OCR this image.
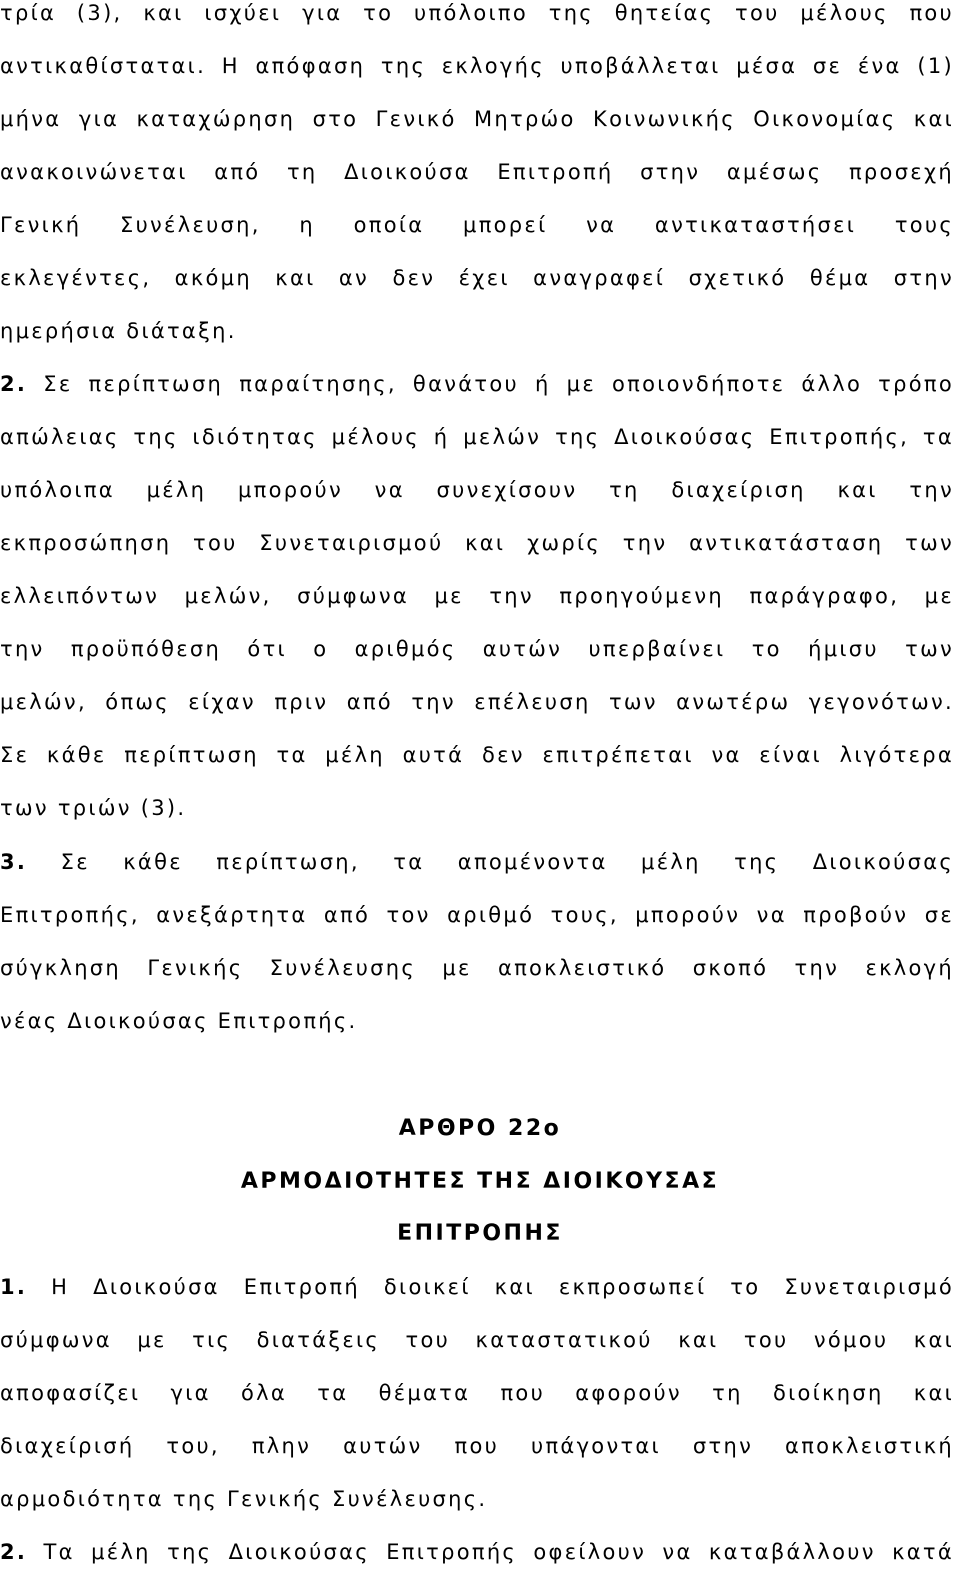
τρία (3), και ισχύει για το υπόλοιπο της θητείας του μέλους που
αντικαθίσταται. Η απόφαση της εκλογής υποβάλλεται μέσα σε ένα (1)
μήνα για καταχώρηση στο Γενικό Μητρώο Κοινωνικής Οικονομίας και
ανακοινώνεται από τη Διοικούσα Επιτροπή στην αμέσως προσεχή
Γενική Συνέλευση, η οποία μπορεί να αντικαταστήσει τους
εκλεγέντες, ακόμη και αν δεν έχει αναγραφεί σχετικό θέμα στην
ημερήσια διάταξη.
2. Σε περίπτωση παραίτησης, θανάτου ή με οποιονδήποτε άλλο τρόπο
απώλειας της ιδιότητας μέλους ή μελών της Διοικούσας Επιτροπής, τα
υπόλοιπα μέλη μπορούν να συνεχίσουν τη διαχείριση και την
εκπροσώπηση του Συνεταιρισμού και χωρίς την αντικατάσταση των
ελλειπόντων μελών, σύμφωνα με την προηγούμενη παράγραφο, με
την προϋπόθεση ότι ο αριθμός αυτών υπερβαίνει το ήμισυ των
μελών, όπως είχαν πριν από την επέλευση των ανωτέρω γεγονότων.
Σε κάθε περίπτωση τα μέλη αυτά δεν επιτρέπεται να είναι λιγότερα
των τριών (3).
3. Σε κάθε περίπτωση, τα απομένοντα μέλη της Διοικούσας
Επιτροπής, ανεξάρτητα από τον αριθμό τους, μπορούν να προβούν σε
σύγκληση Γενικής Συνέλευσης με αποκλειστικό σκοπό την εκλογή
νέας Διοικούσας Επιτροπής.
ΑΡΘΡΟ 22ο
ΑΡΜΟΔΙΟΤΗΤΕΣ ΤΗΣ ΔΙΟΙΚΟΥΣΑΣ
ΕΠΙΤΡΟΠΗΣ
1. Η Διοικούσα Επιτροπή διοικεί και εκπροσωπεί το Συνεταιρισμό
σύμφωνα με τις διατάξεις του καταστατικού και του νόμου και
αποφασίζει για όλα τα θέματα που αφορούν τη διοίκηση και
διαχείρισή του, πλην αυτών που υπάγονται στην αποκλειστική
αρμοδιότητα της Γενικής Συνέλευσης.
2. Τα μέλη της Διοικούσας Επιτροπής οφείλουν να καταβάλλουν κατά
